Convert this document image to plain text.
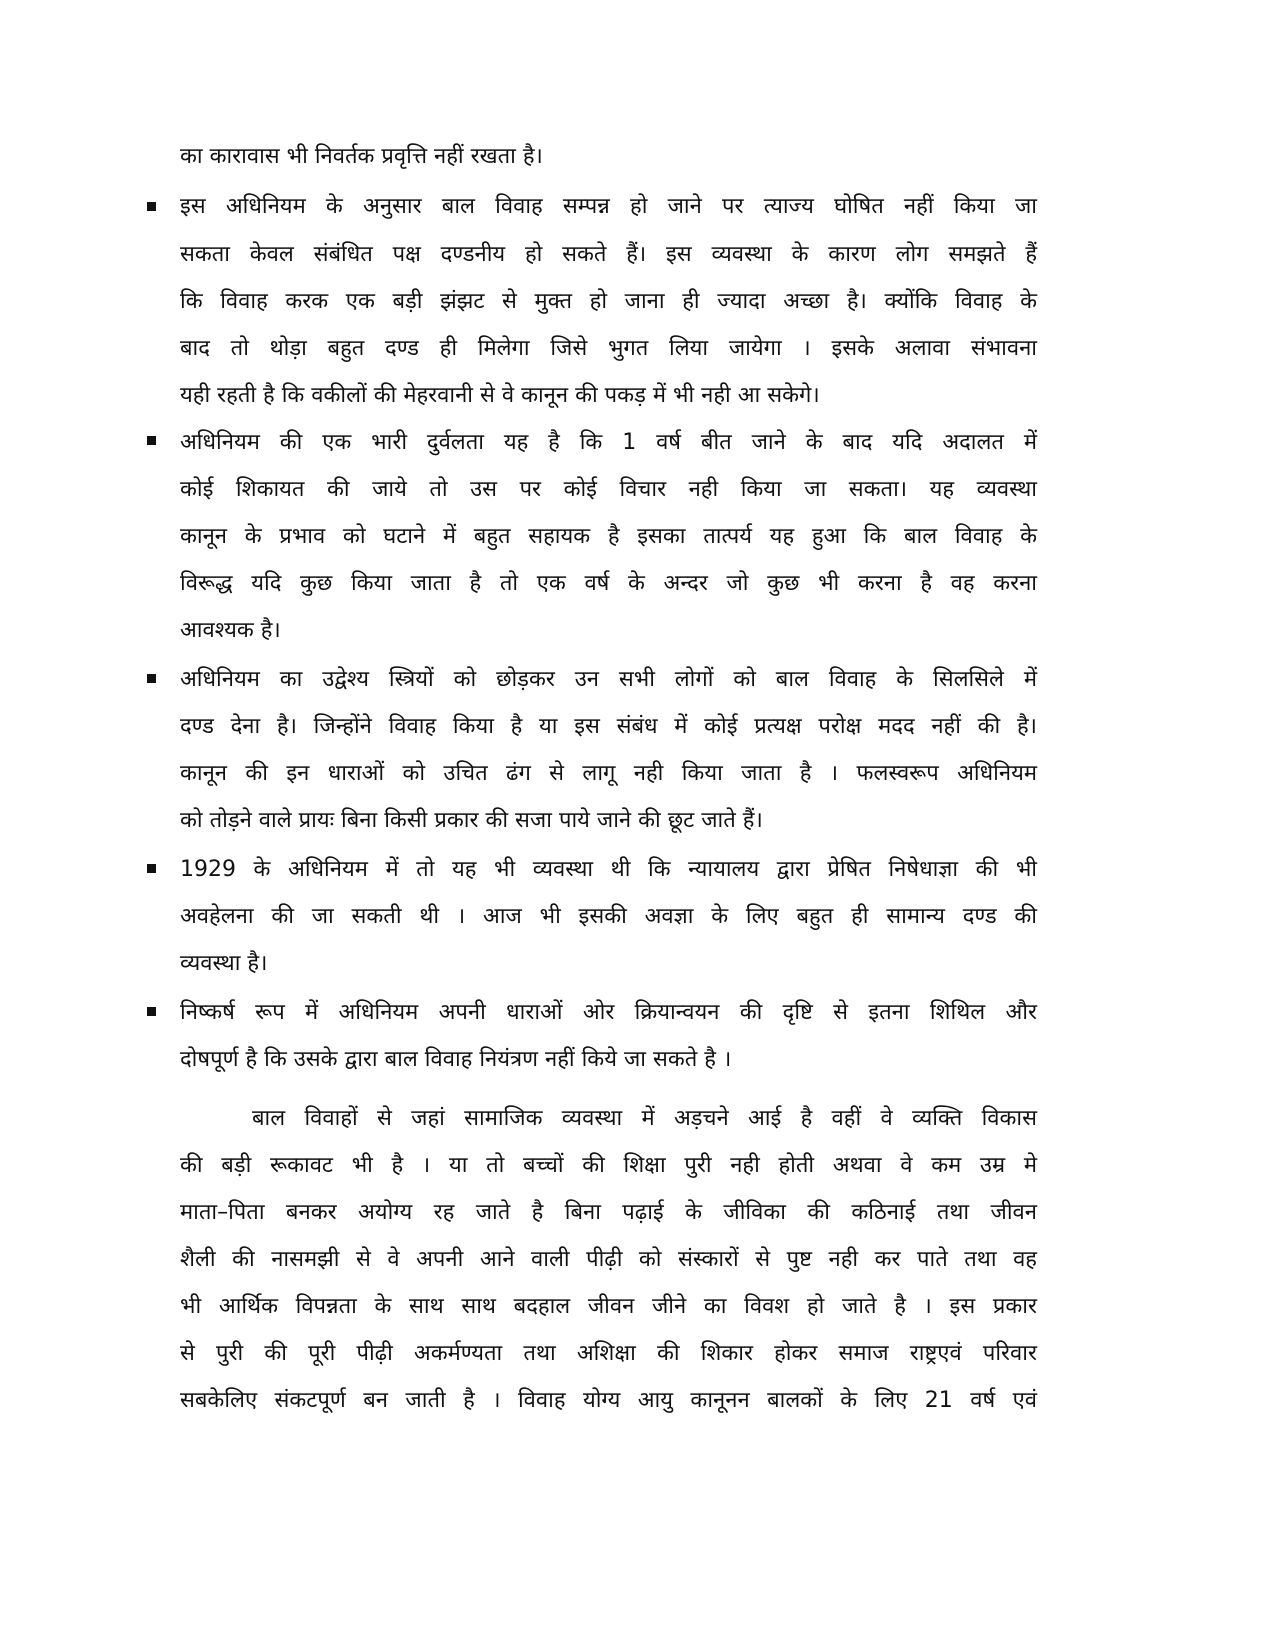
का कारावास भी निवर्तक प्रवृत्ति नहीं रखता है।
इस अधिनियम के अनुसार बाल विवाह सम्पन्न हो जाने पर त्याज्य घोषित नहीं किया जा
सकता केवल संबंधित पक्ष दण्डनीय हो सकते हैं। इस व्यवस्था के कारण लोग समझते हैं
कि विवाह करक एक बड़ी झंझट से मुक्त हो जाना ही ज्यादा अच्छा है। क्योंकि विवाह के
बाद तो थोड़ा बहुत दण्ड ही मिलेगा जिसे भुगत लिया जायेगा । इसके अलावा संभावना
यही रहती है कि वकीलों की मेहरवानी से वे कानून की पकड़ में भी नही आ सकेगे।
अधिनियम की एक भारी दुर्वलता यह है कि 1 वर्ष बीत जाने के बाद यदि अदालत में
कोई शिकायत की जाये तो उस पर कोई विचार नही किया जा सकता। यह व्यवस्था
कानून के प्रभाव को घटाने में बहुत सहायक है इसका तात्पर्य यह हुआ कि बाल विवाह के
विरूद्ध यदि कुछ किया जाता है तो एक वर्ष के अन्दर जो कुछ भी करना है वह करना
आवश्यक है।
अधिनियम का उद्वेश्य स्त्रियों को छोड़कर उन सभी लोगों को बाल विवाह के सिलसिले में
दण्ड देना है। जिन्होंने विवाह किया है या इस संबंध में कोई प्रत्यक्ष परोक्ष मदद नहीं की है।
कानून की इन धाराओं को उचित ढंग से लागू नही किया जाता है । फलस्वरूप अधिनियम
को तोड़ने वाले प्रायः बिना किसी प्रकार की सजा पाये जाने की छूट जाते हैं।
1929 के अधिनियम में तो यह भी व्यवस्था थी कि न्यायालय द्वारा प्रेषित निषेधाज्ञा की भी
अवहेलना की जा सकती थी । आज भी इसकी अवज्ञा के लिए बहुत ही सामान्य दण्ड की
व्यवस्था है।
निष्कर्ष रूप में अधिनियम अपनी धाराओं ओर क्रियान्वयन की दृष्टि से इतना शिथिल और
दोषपूर्ण है कि उसके द्वारा बाल विवाह नियंत्रण नहीं किये जा सकते है ।
बाल विवाहों से जहां सामाजिक व्यवस्था में अड़चने आई है वहीं वे व्यक्ति विकास
की बड़ी रूकावट भी है । या तो बच्चों की शिक्षा पुरी नही होती अथवा वे कम उम्र मे
माता–पिता बनकर अयोग्य रह जाते है बिना पढ़ाई के जीविका की कठिनाई तथा जीवन
शैली की नासमझी से वे अपनी आने वाली पीढ़ी को संस्कारों से पुष्ट नही कर पाते तथा वह
भी आर्थिक विपन्नता के साथ साथ बदहाल जीवन जीने का विवश हो जाते है । इस प्रकार
से पुरी की पूरी पीढ़ी अकर्मण्यता तथा अशिक्षा की शिकार होकर समाज राष्ट्रएवं परिवार
सबकेलिए संकटपूर्ण बन जाती है । विवाह योग्य आयु कानूनन बालकों के लिए 21 वर्ष एवं
